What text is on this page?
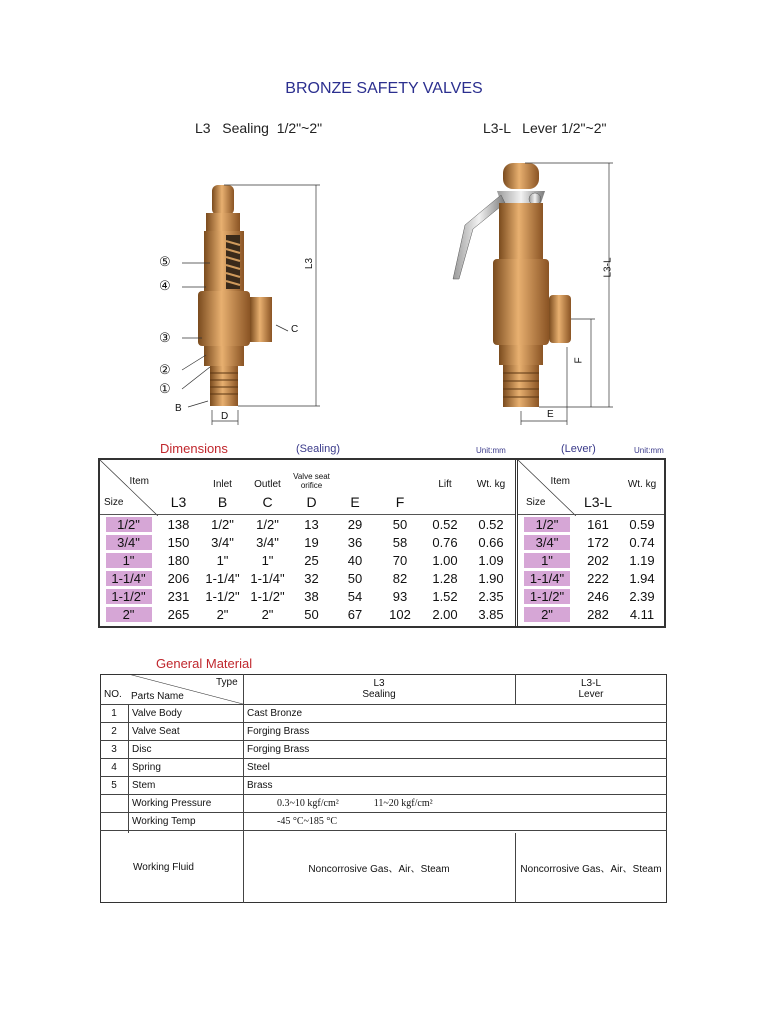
BRONZE SAFETY VALVES
L3   Sealing  1/2"~2"	L3-L   Lever 1/2"~2"
⑤
④
③
②
①
L3
C
B
D
L3-L
F
E
Dimensions	(Sealing)	Unit:mm	(Lever)	Unit:mm
Item		Inlet	Outlet	Valve seat orifice			Lift	Wt. kg
Size	L3	B	C	D	E	F		
1/2"	138	1/2"	1/2"	13	29	50	0.52	0.52
3/4"	150	3/4"	3/4"	19	36	58	0.76	0.66
1"	180	1"	1"	25	40	70	1.00	1.09
1-1/4"	206	1-1/4"	1-1/4"	32	50	82	1.28	1.90
1-1/2"	231	1-1/2"	1-1/2"	38	54	93	1.52	2.35
2"	265	2"	2"	50	67	102	2.00	3.85
Item		Wt. kg
Size	L3-L	
1/2"	161	0.59
3/4"	172	0.74
1"	202	1.19
1-1/4"	222	1.94
1-1/2"	246	2.39
2"	282	4.11
General Material
Type
NO. Parts Name
L3
Sealing
L3-L
Lever
1	Valve Body	Cast Bronze
2	Valve Seat	Forging Brass
3	Disc	Forging Brass
4	Spring	Steel
5	Stem	Brass
	Working Pressure	0.3~10 kgf/cm² 11~20 kgf/cm²
	Working Temp	-45 °C~185 °C
Working Fluid	Noncorrosive Gas、Air、Steam	Noncorrosive Gas、Air、Steam
